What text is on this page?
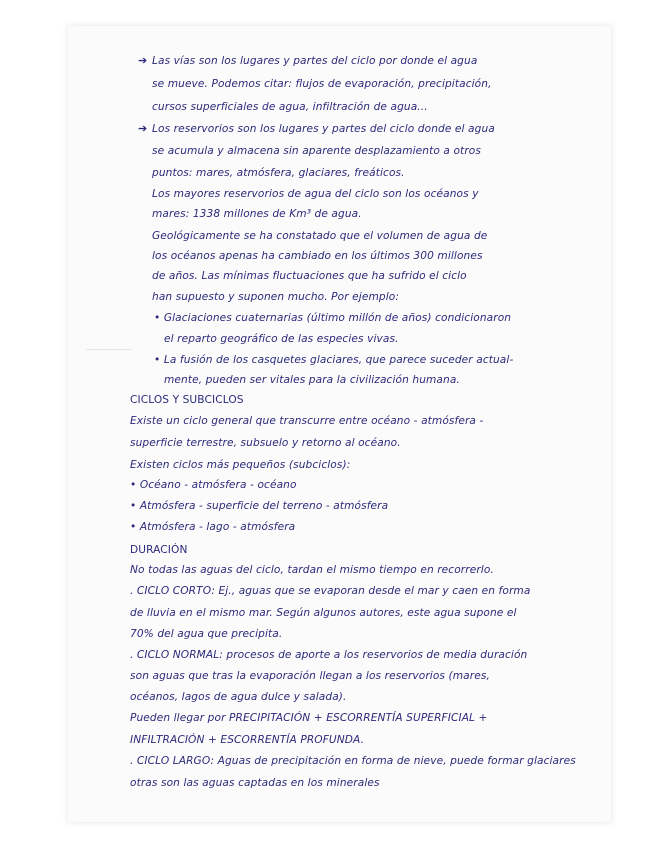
➔
➔
Las vías son los lugares y partes del ciclo por donde el agua
se mueve. Podemos citar: flujos de evaporación, precipitación,
cursos superficiales de agua, infiltración de agua...
Los reservorios son los lugares y partes del ciclo donde el agua
se acumula y almacena sin aparente desplazamiento a otros
puntos: mares, atmósfera, glaciares, freáticos.
Los mayores reservorios de agua del ciclo son los océanos y
mares: 1338 millones de Km³ de agua.
Geológicamente se ha constatado que el volumen de agua de
los océanos apenas ha cambiado en los últimos 300 millones
de años. Las mínimas fluctuaciones que ha sufrido el ciclo
han supuesto y suponen mucho. Por ejemplo:
• Glaciaciones cuaternarias (último millón de años) condicionaron
el reparto geográfico de las especies vivas.
• La fusión de los casquetes glaciares, que parece suceder actual-
mente, pueden ser vitales para la civilización humana.
CICLOS Y SUBCICLOS
Existe un ciclo general que transcurre entre océano - atmósfera -
superficie terrestre, subsuelo y retorno al océano.
Existen ciclos más pequeños (subciclos):
• Océano - atmósfera - océano
• Atmósfera - superficie del terreno - atmósfera
• Atmósfera - lago - atmósfera
DURACIÓN
No todas las aguas del ciclo, tardan el mismo tiempo en recorrerlo.
. CICLO CORTO: Ej., aguas que se evaporan desde el mar y caen en forma
de lluvia en el mismo mar. Según algunos autores, este agua supone el
70% del agua que precipita.
. CICLO NORMAL: procesos de aporte a los reservorios de media duración
son aguas que tras la evaporación llegan a los reservorios (mares,
océanos, lagos de agua dulce y salada).
Pueden llegar por PRECIPITACIÓN + ESCORRENTÍA SUPERFICIAL +
INFILTRACIÓN + ESCORRENTÍA PROFUNDA.
. CICLO LARGO: Aguas de precipitación en forma de nieve, puede formar glaciares
otras son las aguas captadas en los minerales
